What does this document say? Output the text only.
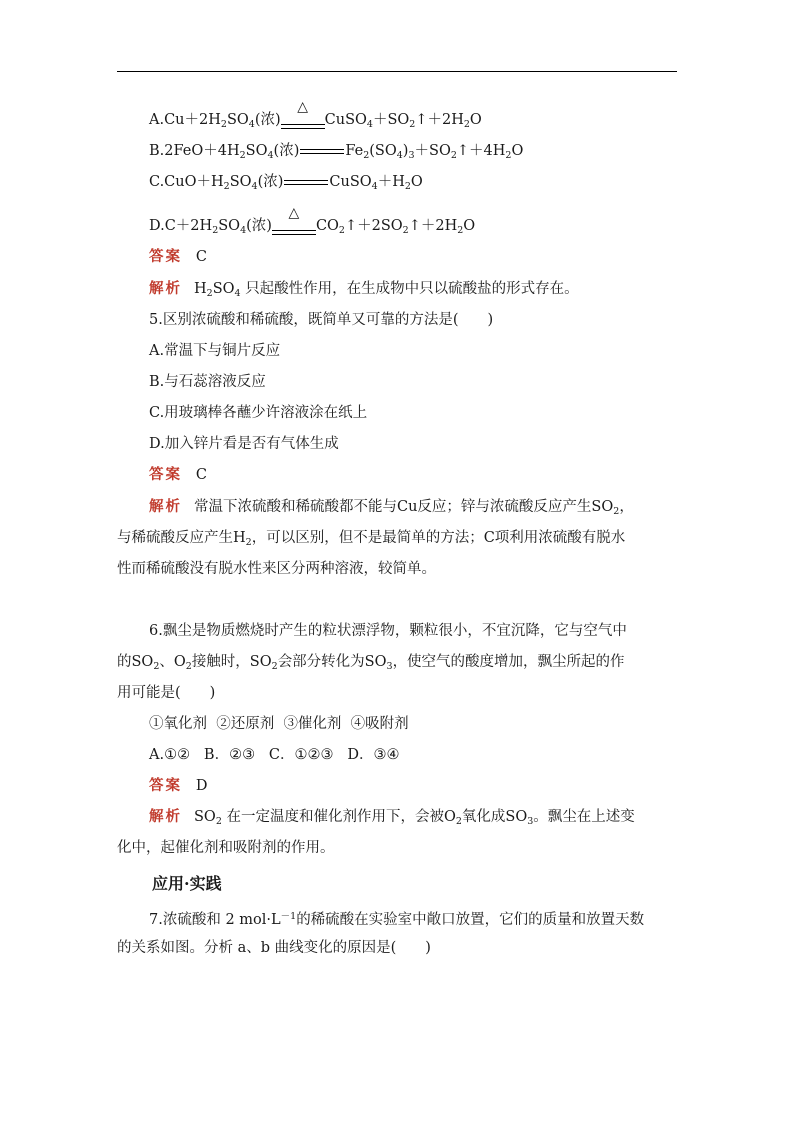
$A.Cu+2H_2SO_4$(浓)
△
$CuSO_4+SO_2↑+2H_2O$
$B.2FeO+4H_2SO_4$(浓)	$Fe_2(SO_4)_3+SO_2↑+4H_2O$
$C.CuO+H_2SO_4$(浓)	$CuSO_4+H_2O$
$D.C+2H_2SO_4$(浓)
△
$CO_2↑+2SO_2↑+2H_2O$
答案 C
解析 $H_2SO_4$ 只起酸性作用，在生成物中只以硫酸盐的形式存在。
5.区别浓硫酸和稀硫酸，既简单又可靠的方法是(　　)
A.常温下与铜片反应
B.与石蕊溶液反应
C.用玻璃棒各蘸少许溶液涂在纸上
D.加入锌片看是否有气体生成
答案 C
解析 常温下浓硫酸和稀硫酸都不能与Cu反应；锌与浓硫酸反应产生$SO_2$，
与稀硫酸反应产生$H_2$，可以区别，但不是最简单的方法；C项利用浓硫酸有脱水
性而稀硫酸没有脱水性来区分两种溶液，较简单。
6.飘尘是物质燃烧时产生的粒状漂浮物，颗粒很小，不宜沉降，它与空气中
的$SO_2$、$O_2$接触时，$SO_2$会部分转化为$SO_3$，使空气的酸度增加，飘尘所起的作
用可能是(　　)
①氧化剂 ②还原剂 ③催化剂 ④吸附剂
A.①② B．②③ C．①②③ D．③④
答案 D
解析 $SO_2$ 在一定温度和催化剂作用下，会被$O_2$氧化成$SO_3$。飘尘在上述变
化中，起催化剂和吸附剂的作用。
应用·实践
7.浓硫酸和 2 $mol\cdot L^{-1}$的稀硫酸在实验室中敞口放置，它们的质量和放置天数
的关系如图。分析 a、b 曲线变化的原因是(　　)
